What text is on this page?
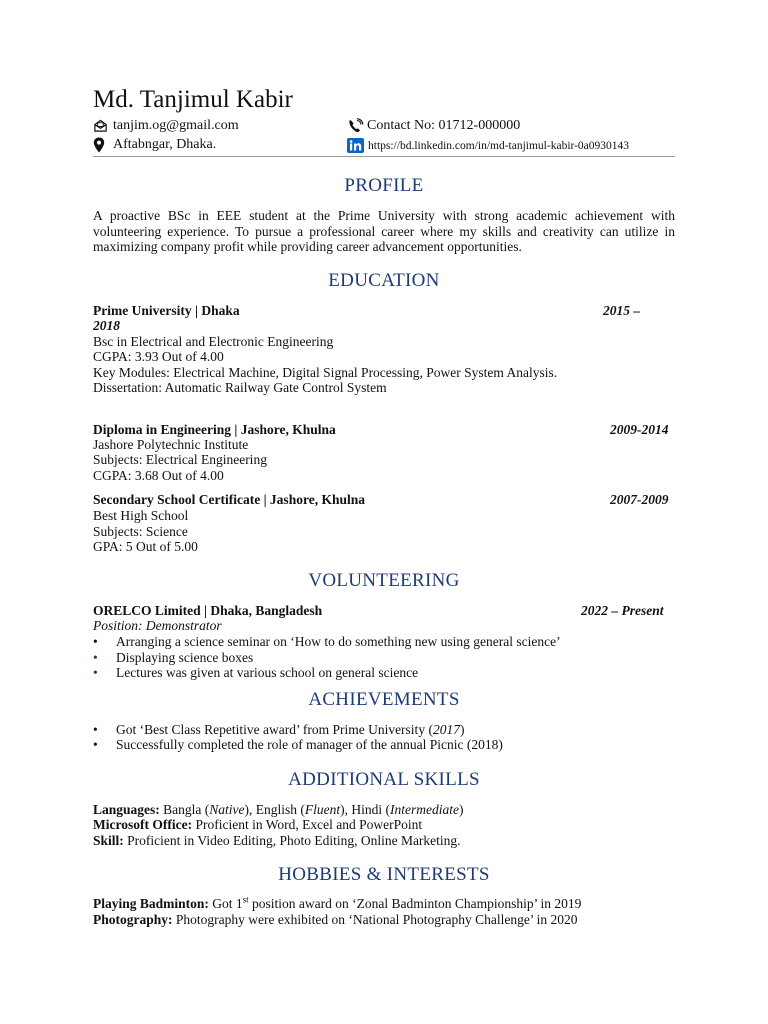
Md. Tanjimul Kabir
tanjim.og@gmail.com	Contact No: 01712-000000
Aftabngar, Dhaka.	https://bd.linkedin.com/in/md-tanjimul-kabir-0a0930143
PROFILE
A proactive BSc in EEE student at the Prime University with strong academic achievement with volunteering experience. To pursue a professional career where my skills and creativity can utilize in maximizing company profit while providing career advancement opportunities.
EDUCATION
Prime University | Dhaka	2015 –
2018
Bsc in Electrical and Electronic Engineering
CGPA: 3.93 Out of 4.00
Key Modules: Electrical Machine, Digital Signal Processing, Power System Analysis.
Dissertation: Automatic Railway Gate Control System
Diploma in Engineering | Jashore, Khulna	2009-2014
Jashore Polytechnic Institute
Subjects: Electrical Engineering
CGPA: 3.68 Out of 4.00
Secondary School Certificate | Jashore, Khulna	2007-2009
Best High School
Subjects: Science
GPA: 5 Out of 5.00
VOLUNTEERING
ORELCO Limited | Dhaka, Bangladesh	2022 – Present
Position: Demonstrator
•	Arranging a science seminar on ‘How to do something new using general science’
•	Displaying science boxes
•	Lectures was given at various school on general science
ACHIEVEMENTS
•	Got ‘Best Class Repetitive award’ from Prime University (2017)
•	Successfully completed the role of manager of the annual Picnic (2018)
ADDITIONAL SKILLS
Languages: Bangla (Native), English (Fluent), Hindi (Intermediate)
Microsoft Office: Proficient in Word, Excel and PowerPoint
Skill: Proficient in Video Editing, Photo Editing, Online Marketing.
HOBBIES & INTERESTS
Playing Badminton: Got 1st position award on ‘Zonal Badminton Championship’ in 2019
Photography: Photography were exhibited on ‘National Photography Challenge’ in 2020
